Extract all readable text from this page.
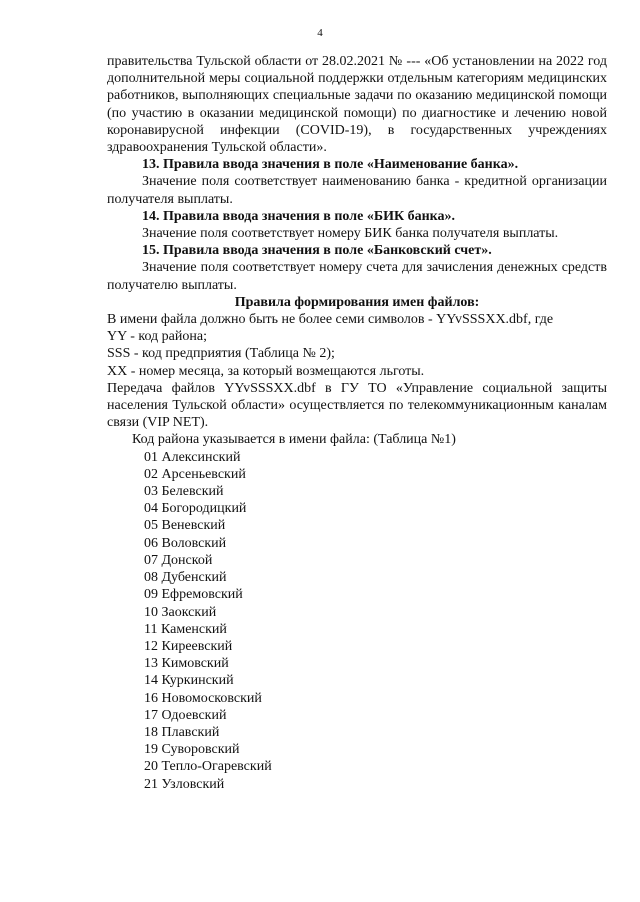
4

правительства Тульской области от 28.02.2021 № --- «Об установлении на 2022 год дополнительной меры социальной поддержки отдельным категориям медицинских работников, выполняющих специальные задачи по оказанию медицинской помощи (по участию в оказании медицинской помощи) по диагностике и лечению новой коронавирусной инфекции (COVID-19), в государственных учреждениях здравоохранения Тульской области».

13. Правила ввода значения в поле «Наименование банка».

Значение поля соответствует наименованию банка - кредитной организации получателя выплаты.

14. Правила ввода значения в поле «БИК банка».

Значение поля соответствует номеру БИК банка получателя выплаты.

15. Правила ввода значения в поле «Банковский счет».

Значение поля соответствует номеру счета для зачисления денежных средств получателю выплаты.

Правила формирования имен файлов:

В имени файла должно быть не более семи символов - YYvSSSXX.dbf, где

YY - код района;

SSS - код предприятия (Таблица № 2);

XX - номер месяца, за который возмещаются льготы.

Передача файлов YYvSSSXX.dbf в ГУ ТО «Управление социальной защиты населения Тульской области» осуществляется по телекоммуникационным каналам связи (VIP NET).

Код района указывается в имени файла: (Таблица №1)

01 Алексинский
02 Арсеньевский
03 Белевский
04 Богородицкий
05 Веневский
06 Воловский
07 Донской
08 Дубенский
09 Ефремовский
10 Заокский
11 Каменский
12 Киреевский
13 Кимовский
14 Куркинский
16 Новомосковский
17 Одоевский
18 Плавский
19 Суворовский
20 Тепло-Огаревский
21 Узловский
